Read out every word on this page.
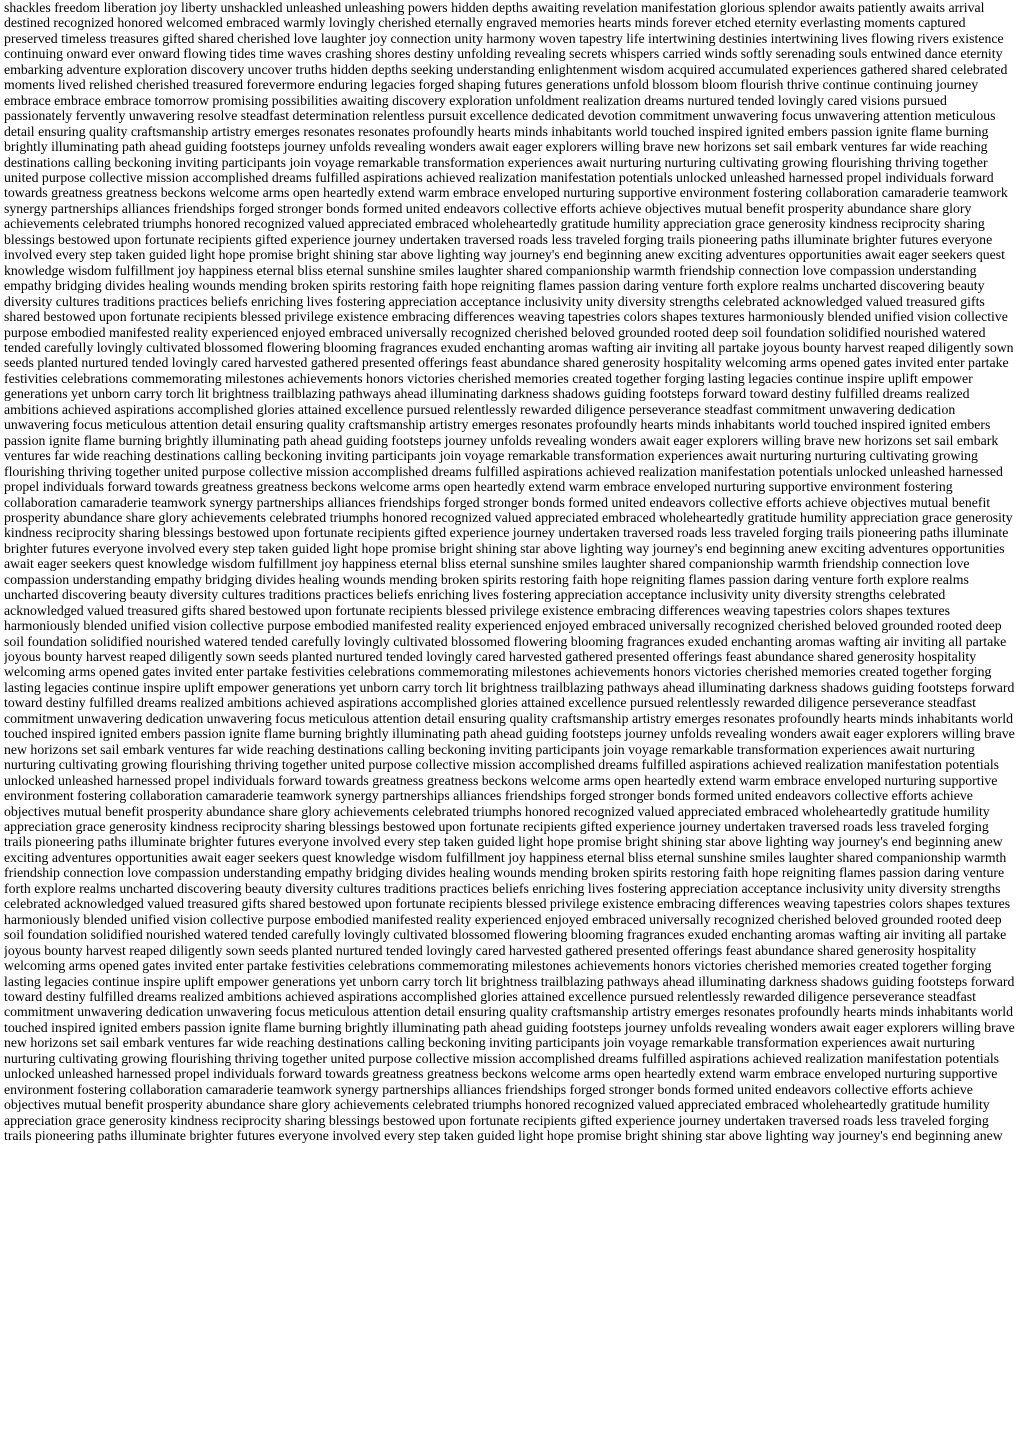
shackles freedom liberation joy liberty unshackled unleashed unleashing powers hidden depths awaiting revelation manifestation glorious splendor awaits patiently awaits arrival destined recognized honored welcomed embraced warmly lovingly cherished eternally engraved memories hearts minds forever etched eternity everlasting moments captured preserved timeless treasures gifted shared cherished love laughter joy connection unity harmony woven tapestry life intertwining destinies intertwining lives flowing rivers existence continuing onward ever onward flowing tides time waves crashing shores destiny unfolding revealing secrets whispers carried winds softly serenading souls entwined dance eternity embarking adventure exploration discovery uncover truths hidden depths seeking understanding enlightenment wisdom acquired accumulated experiences gathered shared celebrated moments lived relished cherished treasured forevermore enduring legacies forged shaping futures generations unfold blossom bloom flourish thrive continue continuing journey embrace embrace embrace tomorrow promising possibilities awaiting discovery exploration unfoldment realization dreams nurtured tended lovingly cared visions pursued passionately fervently unwavering resolve steadfast determination relentless pursuit excellence dedicated devotion commitment unwavering focus unwavering attention meticulous detail ensuring quality craftsmanship artistry emerges resonates resonates profoundly hearts minds inhabitants world touched inspired ignited embers passion ignite flame burning brightly illuminating path ahead guiding footsteps journey unfolds revealing wonders await eager explorers willing brave new horizons set sail embark ventures far wide reaching destinations calling beckoning inviting participants join voyage remarkable transformation experiences await nurturing nurturing cultivating growing flourishing thriving together united purpose collective mission accomplished dreams fulfilled aspirations achieved realization manifestation potentials unlocked unleashed harnessed propel individuals forward towards greatness greatness beckons welcome arms open heartedly extend warm embrace enveloped nurturing supportive environment fostering collaboration camaraderie teamwork synergy partnerships alliances friendships forged stronger bonds formed united endeavors collective efforts achieve objectives mutual benefit prosperity abundance share glory achievements celebrated triumphs honored recognized valued appreciated embraced wholeheartedly gratitude humility appreciation grace generosity kindness reciprocity sharing blessings bestowed upon fortunate recipients gifted experience journey undertaken traversed roads less traveled forging trails pioneering paths illuminate brighter futures everyone involved every step taken guided light hope promise bright shining star above lighting way journey's end beginning anew exciting adventures opportunities await eager seekers quest knowledge wisdom fulfillment joy happiness eternal bliss eternal sunshine smiles laughter shared companionship warmth friendship connection love compassion understanding empathy bridging divides healing wounds mending broken spirits restoring faith hope reigniting flames passion daring venture forth explore realms uncharted discovering beauty diversity cultures traditions practices beliefs enriching lives fostering appreciation acceptance inclusivity unity diversity strengths celebrated acknowledged valued treasured gifts shared bestowed upon fortunate recipients blessed privilege existence embracing differences weaving tapestries colors shapes textures harmoniously blended unified vision collective purpose embodied manifested reality experienced enjoyed embraced universally recognized cherished beloved grounded rooted deep soil foundation solidified nourished watered tended carefully lovingly cultivated blossomed flowering blooming fragrances exuded enchanting aromas wafting air inviting all partake joyous bounty harvest reaped diligently sown seeds planted nurtured tended lovingly cared harvested gathered presented offerings feast abundance shared generosity hospitality welcoming arms opened gates invited enter partake festivities celebrations commemorating milestones achievements honors victories cherished memories created together forging lasting legacies continue inspire uplift empower generations yet unborn carry torch lit brightness trailblazing pathways ahead illuminating darkness shadows guiding footsteps forward toward destiny fulfilled dreams realized ambitions achieved aspirations accomplished glories attained excellence pursued relentlessly rewarded diligence perseverance steadfast commitment unwavering dedication unwavering focus meticulous attention detail ensuring quality craftsmanship artistry emerges resonates profoundly hearts minds inhabitants world touched inspired ignited embers passion ignite flame burning brightly illuminating path ahead guiding footsteps journey unfolds revealing wonders await eager explorers willing brave new horizons set sail embark ventures far wide reaching destinations calling beckoning inviting participants join voyage remarkable transformation experiences await nurturing nurturing cultivating growing flourishing thriving together united purpose collective mission accomplished dreams fulfilled aspirations achieved realization manifestation potentials unlocked unleashed harnessed propel individuals forward towards greatness greatness beckons welcome arms open heartedly extend warm embrace enveloped nurturing supportive environment fostering collaboration camaraderie teamwork synergy partnerships alliances friendships forged stronger bonds formed united endeavors collective efforts achieve objectives mutual benefit prosperity abundance share glory achievements celebrated triumphs honored recognized valued appreciated embraced wholeheartedly gratitude humility appreciation grace generosity kindness reciprocity sharing blessings bestowed upon fortunate recipients gifted experience journey undertaken traversed roads less traveled forging trails pioneering paths illuminate brighter futures everyone involved every step taken guided light hope promise bright shining star above lighting way journey's end beginning anew exciting adventures opportunities await eager seekers quest knowledge wisdom fulfillment joy happiness eternal bliss eternal sunshine smiles laughter shared companionship warmth friendship connection love compassion understanding empathy bridging divides healing wounds mending broken spirits restoring faith hope reigniting flames passion daring venture forth explore realms uncharted discovering beauty diversity cultures traditions practices beliefs enriching lives fostering appreciation acceptance inclusivity unity diversity strengths celebrated acknowledged valued treasured gifts shared bestowed upon fortunate recipients blessed privilege existence embracing differences weaving tapestries colors shapes textures harmoniously blended unified vision collective purpose embodied manifested reality experienced enjoyed embraced universally recognized cherished beloved grounded rooted deep soil foundation solidified nourished watered tended carefully lovingly cultivated blossomed flowering blooming fragrances exuded enchanting aromas wafting air inviting all partake joyous bounty harvest reaped diligently sown seeds planted nurtured tended lovingly cared harvested gathered presented offerings feast abundance shared generosity hospitality welcoming arms opened gates invited enter partake festivities celebrations commemorating milestones achievements honors victories cherished memories created together forging lasting legacies continue inspire uplift empower generations yet unborn carry torch lit brightness trailblazing pathways ahead illuminating darkness shadows guiding footsteps forward toward destiny fulfilled dreams realized ambitions achieved aspirations accomplished glories attained excellence pursued relentlessly rewarded diligence perseverance steadfast commitment unwavering dedication unwavering focus meticulous attention detail ensuring quality craftsmanship artistry emerges resonates profoundly hearts minds inhabitants world touched inspired ignited embers passion ignite flame burning brightly illuminating path ahead guiding footsteps journey unfolds revealing wonders await eager explorers willing brave new horizons set sail embark ventures far wide reaching destinations calling beckoning inviting participants join voyage remarkable transformation experiences await nurturing nurturing cultivating growing flourishing thriving together united purpose collective mission accomplished dreams fulfilled aspirations achieved realization manifestation potentials unlocked unleashed harnessed propel individuals forward towards greatness greatness beckons welcome arms open heartedly extend warm embrace enveloped nurturing supportive environment fostering collaboration camaraderie teamwork synergy partnerships alliances friendships forged stronger bonds formed united endeavors collective efforts achieve objectives mutual benefit prosperity abundance share glory achievements celebrated triumphs honored recognized valued appreciated embraced wholeheartedly gratitude humility appreciation grace generosity kindness reciprocity sharing blessings bestowed upon fortunate recipients gifted experience journey undertaken traversed roads less traveled forging trails pioneering paths illuminate brighter futures everyone involved every step taken guided light hope promise bright shining star above lighting way journey's end beginning anew exciting adventures opportunities await eager seekers quest knowledge wisdom fulfillment joy happiness eternal bliss eternal sunshine smiles laughter shared companionship warmth friendship connection love compassion understanding empathy bridging divides healing wounds mending broken spirits restoring faith hope reigniting flames passion daring venture forth explore realms uncharted discovering beauty diversity cultures traditions practices beliefs enriching lives fostering appreciation acceptance inclusivity unity diversity strengths celebrated acknowledged valued treasured gifts shared bestowed upon fortunate recipients blessed privilege existence embracing differences weaving tapestries colors shapes textures harmoniously blended unified vision collective purpose embodied manifested reality experienced enjoyed embraced universally recognized cherished beloved grounded rooted deep soil foundation solidified nourished watered tended carefully lovingly cultivated blossomed flowering blooming fragrances exuded enchanting aromas wafting air inviting all partake joyous bounty harvest reaped diligently sown seeds planted nurtured tended lovingly cared harvested gathered presented offerings feast abundance shared generosity hospitality welcoming arms opened gates invited enter partake festivities celebrations commemorating milestones achievements honors victories cherished memories created together forging lasting legacies continue inspire uplift empower generations yet unborn carry torch lit brightness trailblazing pathways ahead illuminating darkness shadows guiding footsteps forward toward destiny fulfilled dreams realized ambitions achieved aspirations accomplished glories attained excellence pursued relentlessly rewarded diligence perseverance steadfast commitment unwavering dedication unwavering focus meticulous attention detail ensuring quality craftsmanship artistry emerges resonates profoundly hearts minds inhabitants world touched inspired ignited embers passion ignite flame burning brightly illuminating path ahead guiding footsteps journey unfolds revealing wonders await eager explorers willing brave new horizons set sail embark ventures far wide reaching destinations calling beckoning inviting participants join voyage remarkable transformation experiences await nurturing nurturing cultivating growing flourishing thriving together united purpose collective mission accomplished dreams fulfilled aspirations achieved realization manifestation potentials unlocked unleashed harnessed propel individuals forward towards greatness greatness beckons welcome arms open heartedly extend warm embrace enveloped nurturing supportive environment fostering collaboration camaraderie teamwork synergy partnerships alliances friendships forged stronger bonds formed united endeavors collective efforts achieve objectives mutual benefit prosperity abundance share glory achievements celebrated triumphs honored recognized valued appreciated embraced wholeheartedly gratitude humility appreciation grace generosity kindness reciprocity sharing blessings bestowed upon fortunate recipients gifted experience journey undertaken traversed roads less traveled forging trails pioneering paths illuminate brighter futures everyone involved every step taken guided light hope promise bright shining star above lighting way journey's end beginning anew
